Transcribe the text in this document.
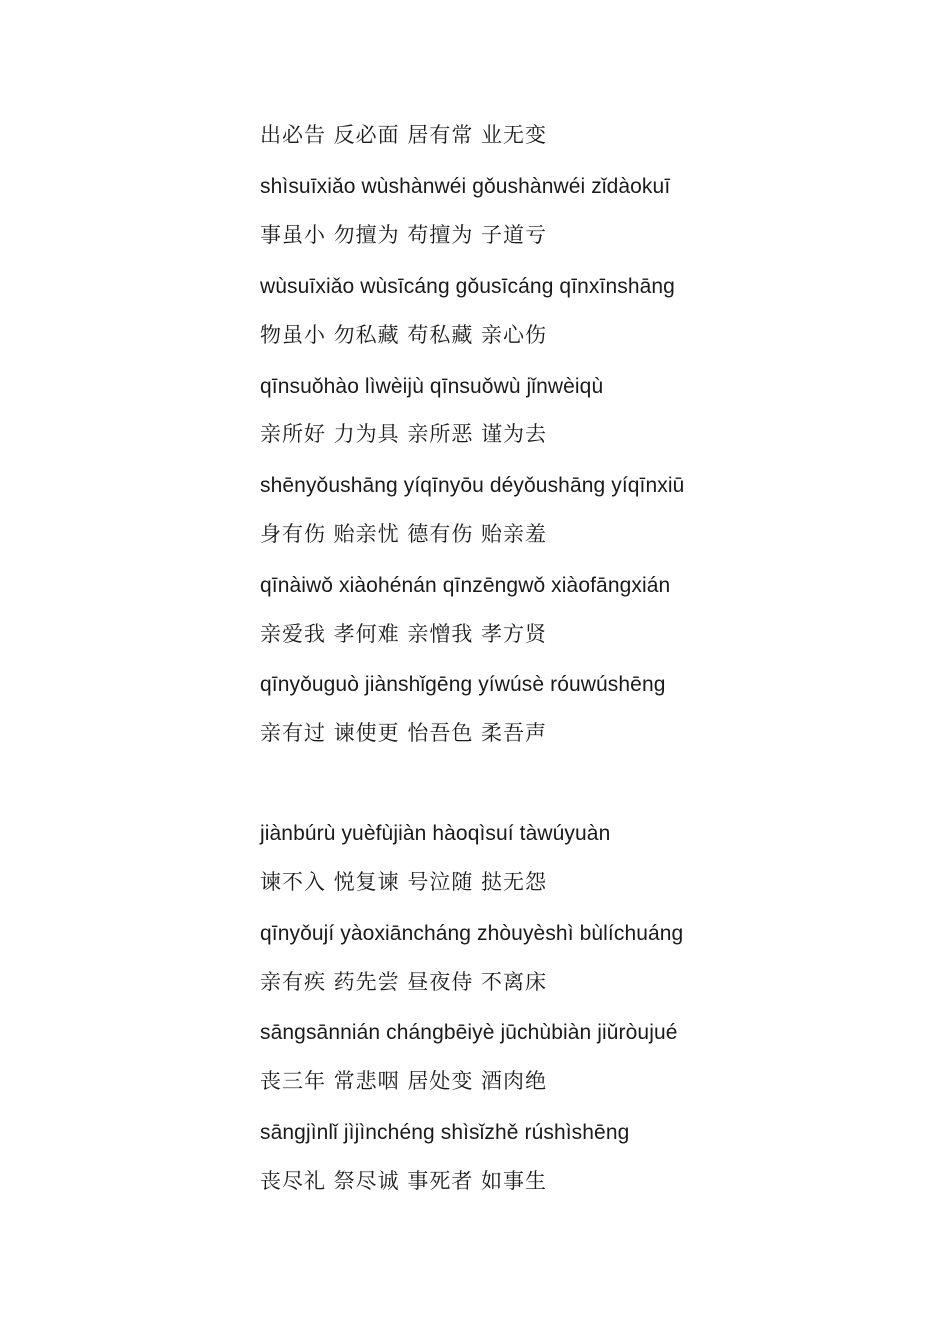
出必告 反必面 居有常 业无变
shìsuīxiǎo wùshànwéi gǒushànwéi zǐdàokuī
事虽小 勿擅为 苟擅为 子道亏
wùsuīxiǎo wùsīcáng gǒusīcáng qīnxīnshāng
物虽小 勿私藏 苟私藏 亲心伤
qīnsuǒhào lìwèijù qīnsuǒwù jǐnwèiqù
亲所好 力为具 亲所恶 谨为去
shēnyǒushāng yíqīnyōu déyǒushāng yíqīnxiū
身有伤 贻亲忧 德有伤 贻亲羞
qīnàiwǒ xiàohénán qīnzēngwǒ xiàofāngxián
亲爱我 孝何难 亲憎我 孝方贤
qīnyǒuguò jiànshǐgēng yíwúsè róuwúshēng
亲有过 谏使更 怡吾色 柔吾声
jiànbúrù yuèfùjiàn hàoqìsuí tàwúyuàn
谏不入 悦复谏 号泣随 挞无怨
qīnyǒují yàoxiāncháng zhòuyèshì bùlíchuáng
亲有疾 药先尝 昼夜侍 不离床
sāngsānnián chángbēiyè jūchùbiàn jiǔròujué
丧三年 常悲咽 居处变 酒肉绝
sāngjìnlǐ jìjìnchéng shìsǐzhě rúshìshēng
丧尽礼 祭尽诚 事死者 如事生
